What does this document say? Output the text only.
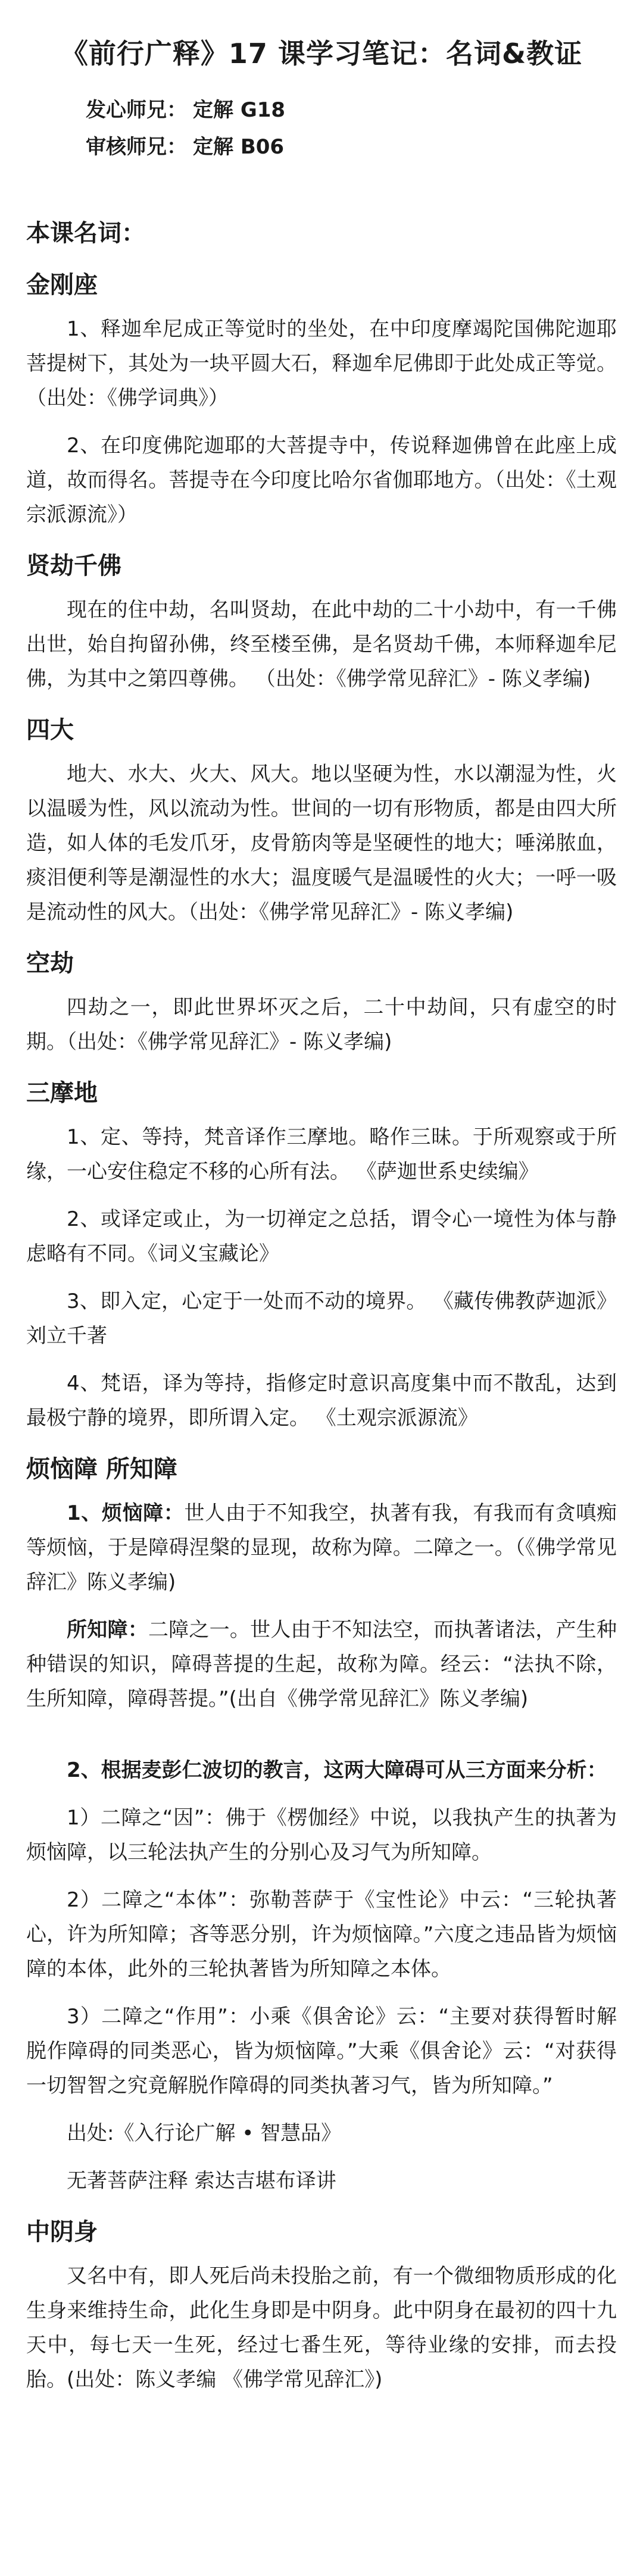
《前行广释》17 课学习笔记：名词&教证
发心师兄： 定解 G18
审核师兄： 定解 B06
本课名词：
金刚座

1、释迦牟尼成正等觉时的坐处，在中印度摩竭陀国佛陀迦耶菩提树下，其处为一块平圆大石，释迦牟尼佛即于此处成正等觉。 （出处：《佛学词典》）

2、在印度佛陀迦耶的大菩提寺中，传说释迦佛曾在此座上成道，故而得名。菩提寺在今印度比哈尔省伽耶地方。（出处：《土观宗派源流》）

贤劫千佛

现在的住中劫，名叫贤劫，在此中劫的二十小劫中，有一千佛出世，始自拘留孙佛，终至楼至佛，是名贤劫千佛，本师释迦牟尼佛，为其中之第四尊佛。 （出处：《佛学常见辞汇》- 陈义孝编)

四大

地大、水大、火大、风大。地以坚硬为性，水以潮湿为性，火以温暖为性，风以流动为性。世间的一切有形物质，都是由四大所造，如人体的毛发爪牙，皮骨筋肉等是坚硬性的地大；唾涕脓血，痰泪便利等是潮湿性的水大；温度暖气是温暖性的火大；一呼一吸是流动性的风大。（出处：《佛学常见辞汇》- 陈义孝编)

空劫

四劫之一，即此世界坏灭之后，二十中劫间，只有虚空的时期。（出处：《佛学常见辞汇》- 陈义孝编)

三摩地

1、定、等持，梵音译作三摩地。略作三昧。于所观察或于所缘，一心安住稳定不移的心所有法。 《萨迦世系史续编》

2、或译定或止，为一切禅定之总括，谓令心一境性为体与静虑略有不同。《词义宝藏论》

3、即入定，心定于一处而不动的境界。 《藏传佛教萨迦派》刘立千著

4、梵语，译为等持，指修定时意识高度集中而不散乱，达到最极宁静的境界，即所谓入定。 《土观宗派源流》

烦恼障 所知障

1、烦恼障：世人由于不知我空，执著有我，有我而有贪嗔痴等烦恼，于是障碍涅槃的显现，故称为障。二障之一。（《佛学常见辞汇》陈义孝编)

所知障：二障之一。世人由于不知法空，而执著诸法，产生种种错误的知识，障碍菩提的生起，故称为障。经云：“法执不除，生所知障，障碍菩提。”(出自《佛学常见辞汇》陈义孝编)

2、根据麦彭仁波切的教言，这两大障碍可从三方面来分析：

1）二障之“因”：佛于《楞伽经》中说，以我执产生的执著为烦恼障，以三轮法执产生的分别心及习气为所知障。

2）二障之“本体”：弥勒菩萨于《宝性论》中云：“三轮执著心，许为所知障；吝等恶分别，许为烦恼障。”六度之违品皆为烦恼障的本体，此外的三轮执著皆为所知障之本体。

3）二障之“作用”：小乘《俱舍论》云：“主要对获得暂时解脱作障碍的同类恶心，皆为烦恼障。”大乘《俱舍论》云：“对获得一切智智之究竟解脱作障碍的同类执著习气，皆为所知障。”

出处:《入行论广解 • 智慧品》

无著菩萨注释 索达吉堪布译讲

中阴身

又名中有，即人死后尚未投胎之前，有一个微细物质形成的化生身来维持生命，此化生身即是中阴身。此中阴身在最初的四十九天中，每七天一生死，经过七番生死，等待业缘的安排，而去投胎。(出处：陈义孝编 《佛学常见辞汇》)
